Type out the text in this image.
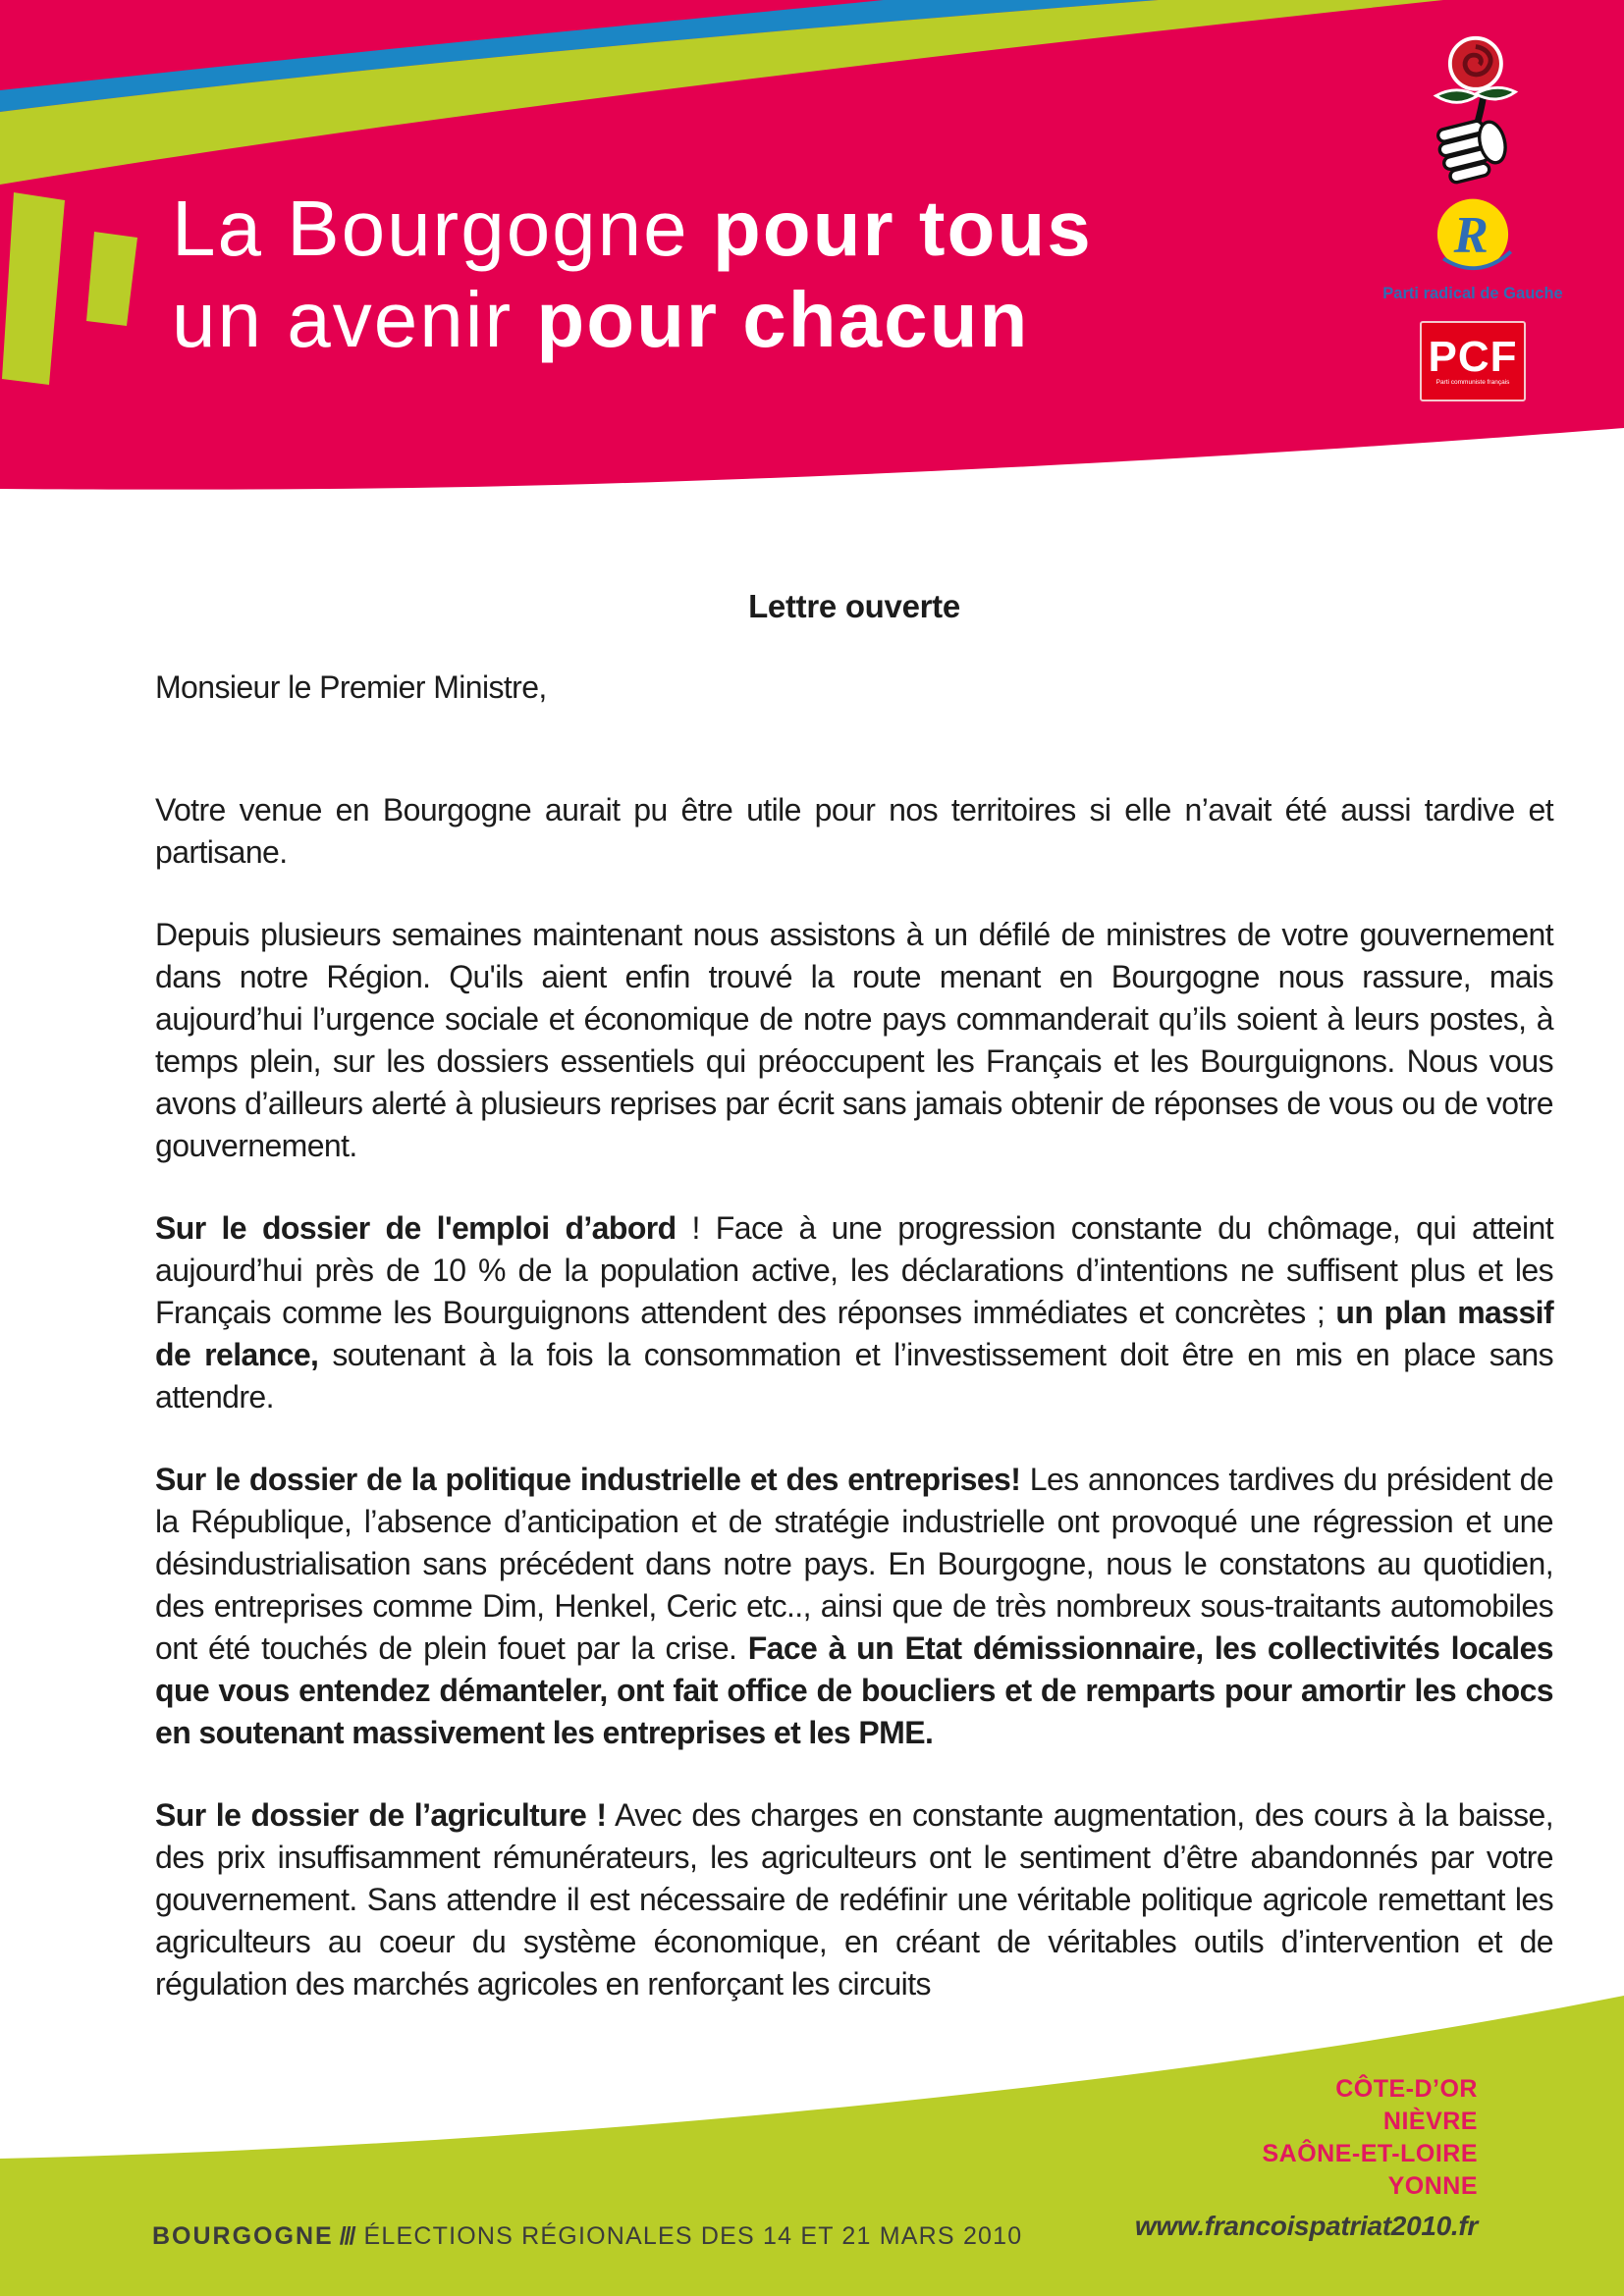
La Bourgogne pour tous
un avenir pour chacun
R
Parti radical de Gauche
PCF
Parti communiste français
Lettre ouverte

Monsieur le Premier Ministre,

Votre venue en Bourgogne aurait pu être utile pour nos territoires si elle n’avait été aussi tardive et partisane.

Depuis plusieurs semaines maintenant nous assistons à un défilé de ministres de votre gouvernement dans notre Région. Qu'ils aient enfin trouvé la route menant en Bourgogne nous rassure, mais aujourd’hui l’urgence sociale et économique de notre pays commanderait qu’ils soient à leurs postes, à temps plein, sur les dossiers essentiels qui préoccupent les Français et les Bourguignons. Nous vous avons d’ailleurs alerté à plusieurs reprises par écrit sans jamais obtenir de réponses de vous ou de votre gouvernement.

Sur le dossier de l'emploi d’abord ! Face à une progression constante du chômage, qui atteint aujourd’hui près de 10 % de la population active, les déclarations d’intentions ne suffisent plus et les Français comme les Bourguignons attendent des réponses immédiates et concrètes ; un plan massif de relance, soutenant à la fois la consommation et l’investissement doit être en mis en place sans attendre.

Sur le dossier de la politique industrielle et des entreprises! Les annonces tardives du président de la République, l’absence d’anticipation et de stratégie industrielle ont provoqué une régression et une désindustrialisation sans précédent dans notre pays. En Bourgogne, nous le constatons au quotidien, des entreprises comme Dim, Henkel, Ceric etc.., ainsi que de très nombreux sous-traitants automobiles ont été touchés de plein fouet par la crise. Face à un Etat démissionnaire, les collectivités locales que vous entendez démanteler, ont fait office de boucliers et de remparts pour amortir les chocs en soutenant massivement les entreprises et les PME.

Sur le dossier de l’agriculture ! Avec des charges en constante augmentation, des cours à la baisse, des prix insuffisamment rémunérateurs, les agriculteurs ont le sentiment d’être abandonnés par votre gouvernement. Sans attendre il est nécessaire de redéfinir une véritable politique agricole remettant les agriculteurs au coeur du système économique, en créant de véritables outils d’intervention et de régulation des marchés agricoles en renforçant les circuits

CÔTE-D’OR
NIÈVRE
SAÔNE-ET-LOIRE
YONNE
www.francoispatriat2010.fr
BOURGOGNE /// ÉLECTIONS RÉGIONALES DES 14 ET 21 MARS 2010
